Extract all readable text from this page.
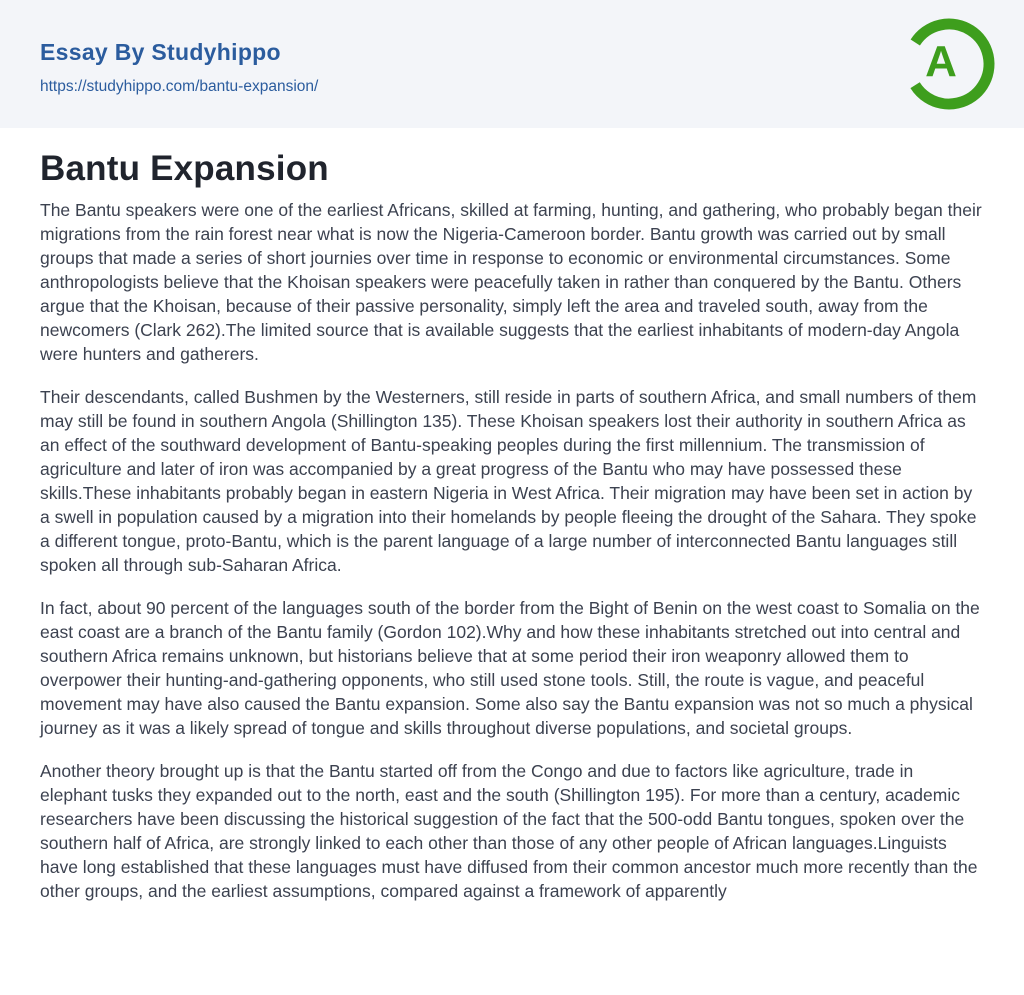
Essay By Studyhippo
https://studyhippo.com/bantu-expansion/	A
Bantu Expansion

The Bantu speakers were one of the earliest Africans, skilled at farming, hunting, and gathering, who probably began their migrations from the rain forest near what is now the Nigeria-Cameroon border. Bantu growth was carried out by small groups that made a series of short journies over time in response to economic or environmental circumstances. Some anthropologists believe that the Khoisan speakers were peacefully taken in rather than conquered by the Bantu. Others argue that the Khoisan, because of their passive personality, simply left the area and traveled south, away from the newcomers (Clark 262).The limited source that is available suggests that the earliest inhabitants of modern-day Angola were hunters and gatherers.

Their descendants, called Bushmen by the Westerners, still reside in parts of southern Africa, and small numbers of them may still be found in southern Angola (Shillington 135). These Khoisan speakers lost their authority in southern Africa as an effect of the southward development of Bantu-speaking peoples during the first millennium. The transmission of agriculture and later of iron was accompanied by a great progress of the Bantu who may have possessed these skills.These inhabitants probably began in eastern Nigeria in West Africa. Their migration may have been set in action by a swell in population caused by a migration into their homelands by people fleeing the drought of the Sahara. They spoke a different tongue, proto-Bantu, which is the parent language of a large number of interconnected Bantu languages still spoken all through sub-Saharan Africa.

In fact, about 90 percent of the languages south of the border from the Bight of Benin on the west coast to Somalia on the east coast are a branch of the Bantu family (Gordon 102).Why and how these inhabitants stretched out into central and southern Africa remains unknown, but historians believe that at some period their iron weaponry allowed them to overpower their hunting-and-gathering opponents, who still used stone tools. Still, the route is vague, and peaceful movement may have also caused the Bantu expansion. Some also say the Bantu expansion was not so much a physical journey as it was a likely spread of tongue and skills throughout diverse populations, and societal groups.

Another theory brought up is that the Bantu started off from the Congo and due to factors like agriculture, trade in elephant tusks they expanded out to the north, east and the south (Shillington 195). For more than a century, academic researchers have been discussing the historical suggestion of the fact that the 500-odd Bantu tongues, spoken over the southern half of Africa, are strongly linked to each other than those of any other people of African languages.Linguists have long established that these languages must have diffused from their common ancestor much more recently than the other groups, and the earliest assumptions, compared against a framework of apparently
